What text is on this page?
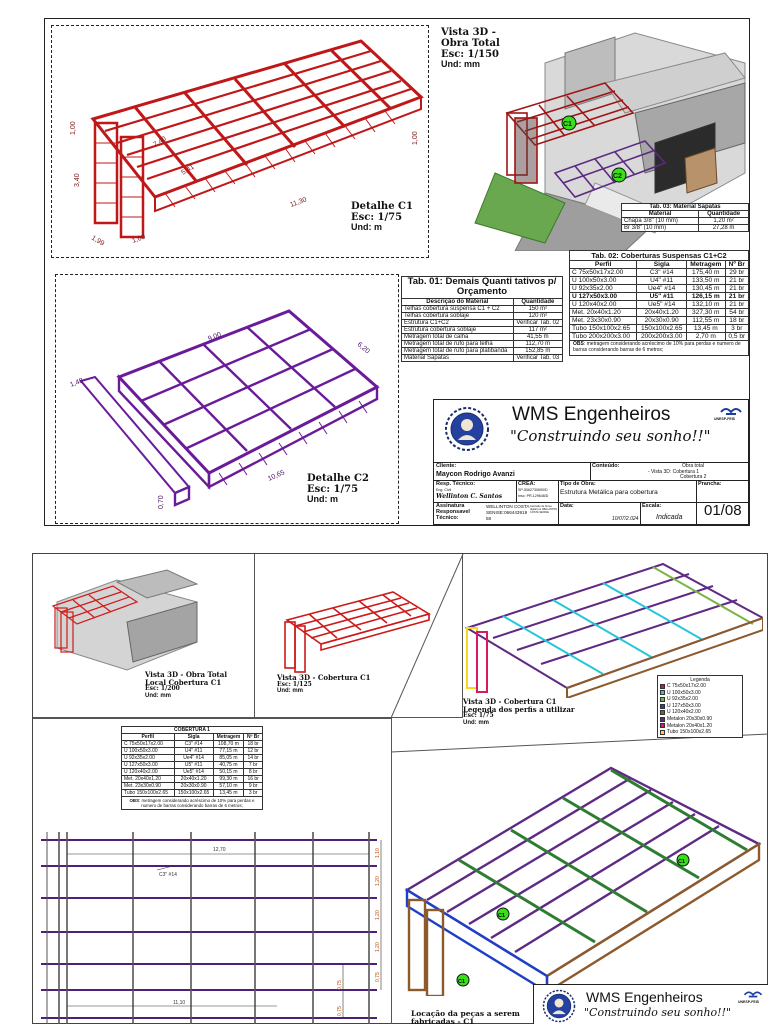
1,00
3,40
7,40
5,41
11,30
1,00
1,99	1,00
Detalhe C1
Esc: 1/75
Und: m
Vista 3D -
Obra Total
Esc: 1/150
Und: mm
C1
C2
Tab. 03: Material Sapatas	
Material	Quantidade
Chapa 3/8" (10 mm)	1,20 m²
Br 3/8" (10 mm)	27,28 m
9,00
6,20
1,48
10,65
0,70
Detalhe C2
Esc: 1/75
Und: m
Tab. 02: Coberturas Suspensas C1+C2			
Perfil	Sigla	Metragem	Nº Br
C 75x50x17x2.00	C3" #14	175,40 m	29 br
U 100x50x3.00	U4" #11	133,50 m	21 br
U 92x35x2.00	Ue4" #14	130,45 m	21 br
U 127x50x3.00	U5" #11	126,15 m	21 br
U 120x40x2.00	Ue5" #14	132,10 m	21 br
Met. 20x40x1.20	20x40x1.20	327,30 m	54 br
Met. 23x30x0.90	20x30x0.90	112,55 m	18 br
Tubo 150x100x2.65	150x100x2.65	13,45 m	3 br
Tubo 200x200x3.00	200x200x3.00	2,70 m	0,5 br
OBS: metragem considerando acréscimo de 10% para perdas e numero de barras considerando barras de 6 metros;
Tab. 01: Demais Quanti tativos p/ Orçamento	
Descrição do Material	Quantidade
Telhas cobertura suspensa C1 + C2	150 m²
Telhas cobertura soblaje	120 m²
Estrutura C1+C2	Verificar Tab. 02
Estrutura cobertura soblaje	117 m²
Metragem total de calha	41,55 m
Metragem total de rufo para telha	112,70 m
Metragem total de rufo para platibanda	152,85 m
Material Sapatas	Verificar Tab. 03
WMS Engenheiros
"Construindo seu sonho!!"
UNESP-FEIS
Cliente:
Maycon Rodrigo Avanzi
Conteúdo:	Obra total
- Vista 3D: Cobertura 1
Cobertura 2
Resp. Técnico:
Eng. Civil
Wellinton C. Santos
CREA:
SP-5062730690/D
Insc: PR-129648/D
Tipo de Obra:
Estrutura Metálica para cobertura
Prancha:
01/08
Assinatura Responsavel Técnico:
WELLINTON COSTA SENISE:066443919 58
Assinado de forma digital por WELLINTON COSTA SENISE
Data:
10/07/2.024
Escala:
Indicada
Vista 3D - Obra Total
Local Cobertura C1
Esc: 1/200
Und: mm
Vista 3D - Cobertura C1
Esc: 1/125
Und: mm
Vista 3D - Cobertura C1
Legenda dos perfis a utilizar
Esc: 1/75
Und: mm
Legenda
C 75x50x17x2.00
U 100x50x3.00
U 92x35x2.00
U 127x50x3.00
U 120x40x2.00
Metalon 20x30x0.90
Metalon 20x40x1.20
Tubo 150x100x2.65
COBERTURA 1			
Perfil	Sigla	Metragem	Nº Br
C 75x50x17x2.00	C3" #14	108,70 m	18 br
U 100x50x3.00	U4" #11	77,15 m	12 br
U 92x35x2.00	Ue4" #14	85,05 m	14 br
U 127x50x3.00	U5" #11	40,75 m	7 br
U 120x40x2.00	Ue5" #14	50,15 m	8 br
Met. 20x40x1.20	20x40x1.20	99,30 m	16 br
Met. 23x30x0.90	20x30x0.90	57,10 m	9 br
Tubo 150x100x2.65	150x100x2.65	13,45 m	3 br
OBS: metragem considerando acréscimo de 10% para perdas e numero de barras considerando barras de 6 metros;
12,70
11,10
C3" #14
1,10
1,20
1,20
1,20
0,75
0,75
0,75
C1
C1
C1
Locação da peças a serem
fabricadas - C1
WMS Engenheiros
"Construindo seu sonho!!"
UNESP-FEIS
